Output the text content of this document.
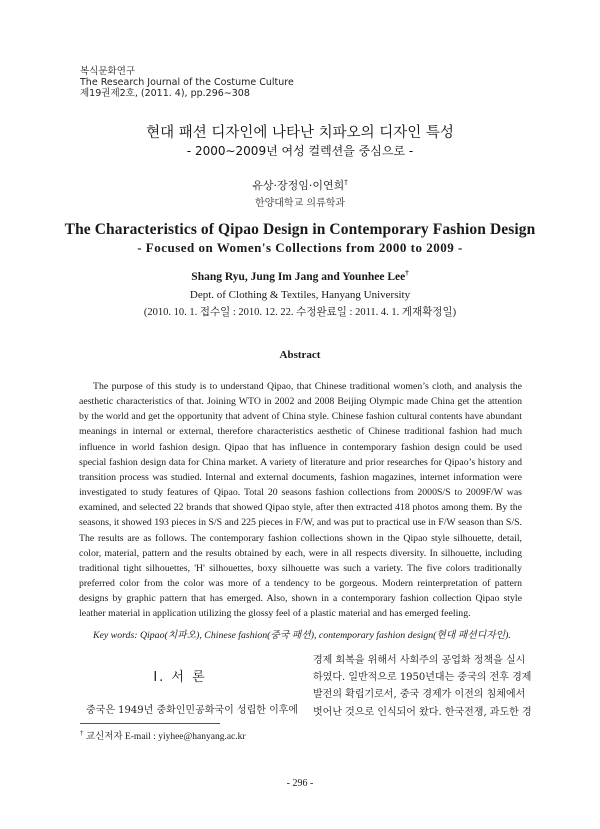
복식문화연구
The Research Journal of the Costume Culture
제19권제2호, (2011. 4), pp.296∼308
현대 패션 디자인에 나타난 치파오의 디자인 특성
- 2000∼2009년 여성 컬렉션을 중심으로 -
유상·장정임·이연희†
한양대학교 의류학과
The Characteristics of Qipao Design in Contemporary Fashion Design
- Focused on Women's Collections from 2000 to 2009 -
Shang Ryu, Jung Im Jang and Younhee Lee†
Dept. of Clothing & Textiles, Hanyang University
(2010. 10. 1. 접수일 : 2010. 12. 22. 수정완료일 : 2011. 4. 1. 게재확정일)
Abstract

The purpose of this study is to understand Qipao, that Chinese traditional women’s cloth, and analysis the aesthetic characteristics of that. Joining WTO in 2002 and 2008 Beijing Olympic made China get the attention by the world and get the opportunity that advent of China style. Chinese fashion cultural contents have abundant meanings in internal or external, therefore characteristics aesthetic of Chinese traditional fashion had much influence in world fashion design. Qipao that has influence in contemporary fashion design could be used special fashion design data for China market. A variety of literature and prior researches for Qipao’s history and transition process was studied. Internal and external documents, fashion magazines, internet information were investigated to study features of Qipao. Total 20 seasons fashion collections from 2000S/S to 2009F/W was examined, and selected 22 brands that showed Qipao style, after then extracted 418 photos among them. By the seasons, it showed 193 pieces in S/S and 225 pieces in F/W, and was put to practical use in F/W season than S/S. The results are as follows. The contemporary fashion collections shown in the Qipao style silhouette, detail, color, material, pattern and the results obtained by each, were in all respects diversity. In silhouette, including traditional tight silhouettes, 'H' silhouettes, boxy silhouette was such a variety. The five colors traditionally preferred color from the color was more of a tendency to be gorgeous. Modern reinterpretation of pattern designs by graphic pattern that has emerged. Also, shown in a contemporary fashion collection Qipao style leather material in application utilizing the glossy feel of a plastic material and has emerged feeling.

Key words: Qipao(치파오), Chinese fashion(중국 패션), contemporary fashion design(현대 패션디자인).
Ⅰ. 서 론

중국은 1949년 중화인민공화국이 성립한 이후에

경제 회복을 위해서 사회주의 공업화 정책을 실시
하였다. 일반적으로 1950년대는 중국의 전후 경제
발전의 확립기로서, 중국 경제가 이전의 침체에서
벗어난 것으로 인식되어 왔다. 한국전쟁, 과도한 경
† 교신저자 E-mail : yiyhee@hanyang.ac.kr
- 296 -
